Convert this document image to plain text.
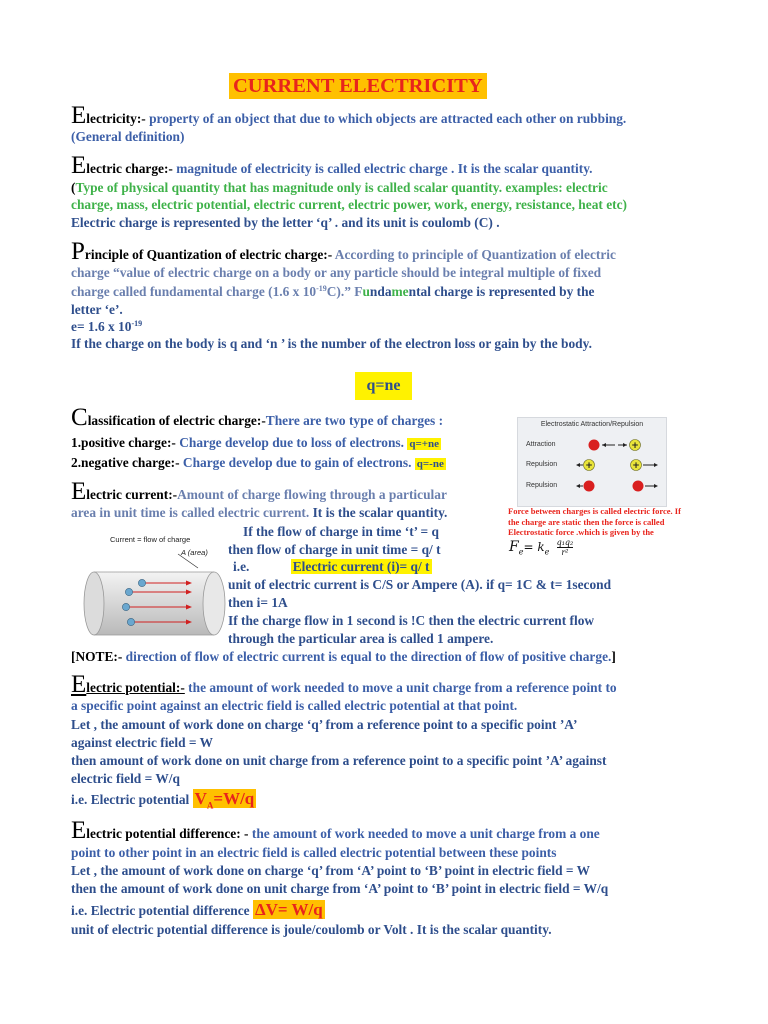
CURRENT ELECTRICITY
Electricity:- property of an object that due to which objects are attracted each other on rubbing.
(General definition)
Electric charge:- magnitude of electricity is called electric charge . It is the scalar quantity.
(Type of physical quantity that has magnitude only is called scalar quantity. examples: electric
charge, mass, electric potential, electric current, electric power, work, energy, resistance, heat etc)
Electric charge is represented by the letter ‘q’ . and its unit is coulomb (C) .
Principle of Quantization of electric charge:- According to principle of Quantization of electric
charge “value of electric charge on a body or any particle should be integral multiple of fixed
charge called fundamental charge (1.6 x $10^{-19}C$).” Fundamental charge is represented by the
letter ‘e’.
e= 1.6 x $10^{-19}$
If the charge on the body is q and ‘n ’ is the number of the electron loss or gain by the body.
q=ne
Classification of electric charge:-There are two type of charges :
1.positive charge:- Charge develop due to loss of electrons. q=+ne
2.negative charge:- Charge develop due to gain of electrons. q=-ne
Electrostatic Attraction/Repulsion
+
+	+
Attraction
Repulsion
Repulsion
Force between charges is called electric force. If the charge are static then the force is called Electrostatic force .which is given by the
$F_e= k_e \frac{\text{q₁q₂}}{\text{r²}}$
Electric current:-Amount of charge flowing through a particular
area in unit time is called electric current. It is the scalar quantity.
Current = flow of charge
A (area)
If the flow of charge in time ‘t’ = q
then flow of charge in unit time = q/ t
i.e.	Electric current (i)= q/ t
unit of electric current is C/S or Ampere (A). if q= 1C & t= 1second
then i= 1A
If the charge flow in 1 second is !C then the electric current flow
through the particular area is called 1 ampere.
[NOTE:- direction of flow of electric current is equal to the direction of flow of positive charge.]
Electric potential:- the amount of work needed to move a unit charge from a reference point to
a specific point against an electric field is called electric potential at that point.
Let , the amount of work done on charge ‘q’ from a reference point to a specific point ’A’
against electric field = W
then amount of work done on unit charge from a reference point to a specific point ’A’ against
electric field = W/q
i.e. Electric potential $V_A=W/q$
Electric potential difference: - the amount of work needed to move a unit charge from a one
point to other point in an electric field is called electric potential between these points
Let , the amount of work done on charge ‘q’ from ‘A’ point to ‘B’ point in electric field = W
then the amount of work done on unit charge from ‘A’ point to ‘B’ point in electric field = W/q
i.e. Electric potential difference ΔV= W/q
unit of electric potential difference is joule/coulomb or Volt . It is the scalar quantity.
